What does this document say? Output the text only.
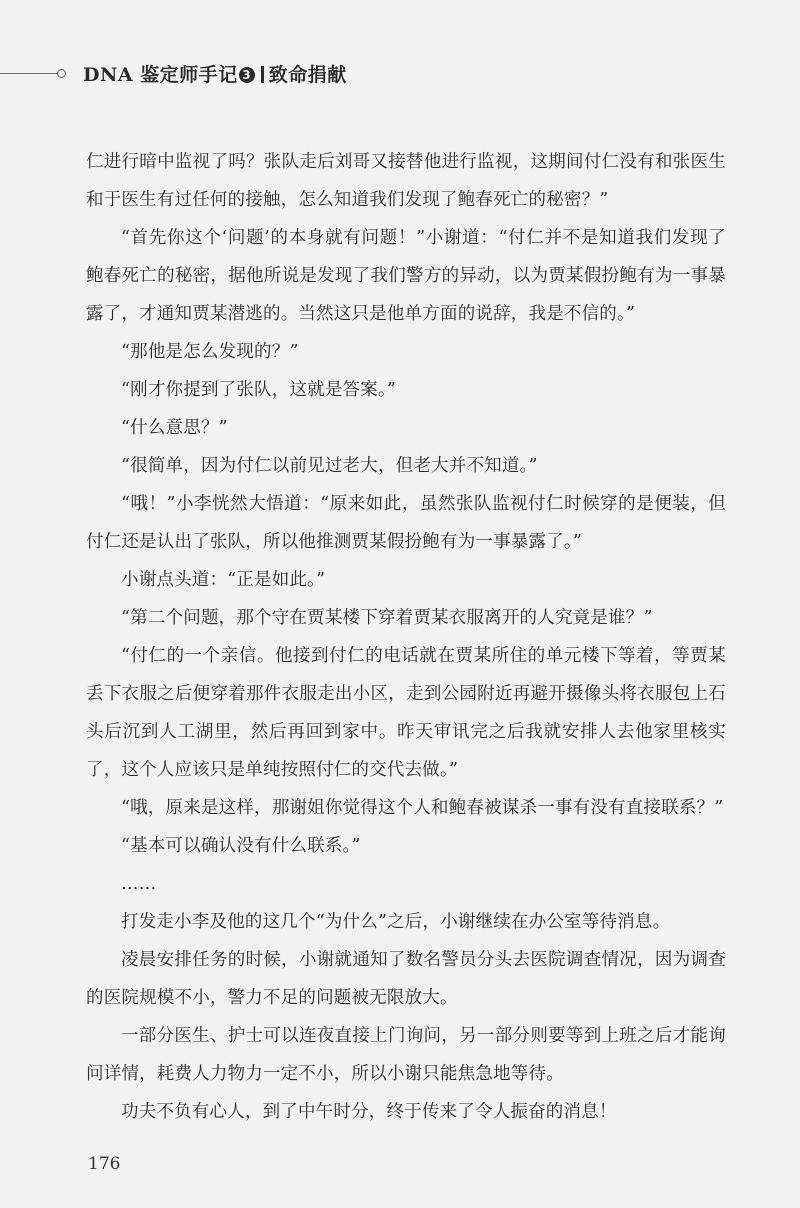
DNA 鉴定师手记 3 致命捐献

仁进行暗中监视了吗？张队走后刘哥又接替他进行监视，这期间付仁没有和张医生和于医生有过任何的接触，怎么知道我们发现了鲍春死亡的秘密？”

“首先你这个‘问题’的本身就有问题！”小谢道：“付仁并不是知道我们发现了鲍春死亡的秘密，据他所说是发现了我们警方的异动，以为贾某假扮鲍有为一事暴露了，才通知贾某潜逃的。当然这只是他单方面的说辞，我是不信的。”

“那他是怎么发现的？”

“刚才你提到了张队，这就是答案。”

“什么意思？”

“很简单，因为付仁以前见过老大，但老大并不知道。”

“哦！”小李恍然大悟道：“原来如此，虽然张队监视付仁时候穿的是便装，但付仁还是认出了张队，所以他推测贾某假扮鲍有为一事暴露了。”

小谢点头道：“正是如此。”

“第二个问题，那个守在贾某楼下穿着贾某衣服离开的人究竟是谁？”

“付仁的一个亲信。他接到付仁的电话就在贾某所住的单元楼下等着，等贾某丢下衣服之后便穿着那件衣服走出小区，走到公园附近再避开摄像头将衣服包上石头后沉到人工湖里，然后再回到家中。昨天审讯完之后我就安排人去他家里核实了，这个人应该只是单纯按照付仁的交代去做。”

“哦，原来是这样，那谢姐你觉得这个人和鲍春被谋杀一事有没有直接联系？”

“基本可以确认没有什么联系。”

……

打发走小李及他的这几个“为什么”之后，小谢继续在办公室等待消息。

凌晨安排任务的时候，小谢就通知了数名警员分头去医院调查情况，因为调查的医院规模不小，警力不足的问题被无限放大。

一部分医生、护士可以连夜直接上门询问，另一部分则要等到上班之后才能询问详情，耗费人力物力一定不小，所以小谢只能焦急地等待。

功夫不负有心人，到了中午时分，终于传来了令人振奋的消息！

176
